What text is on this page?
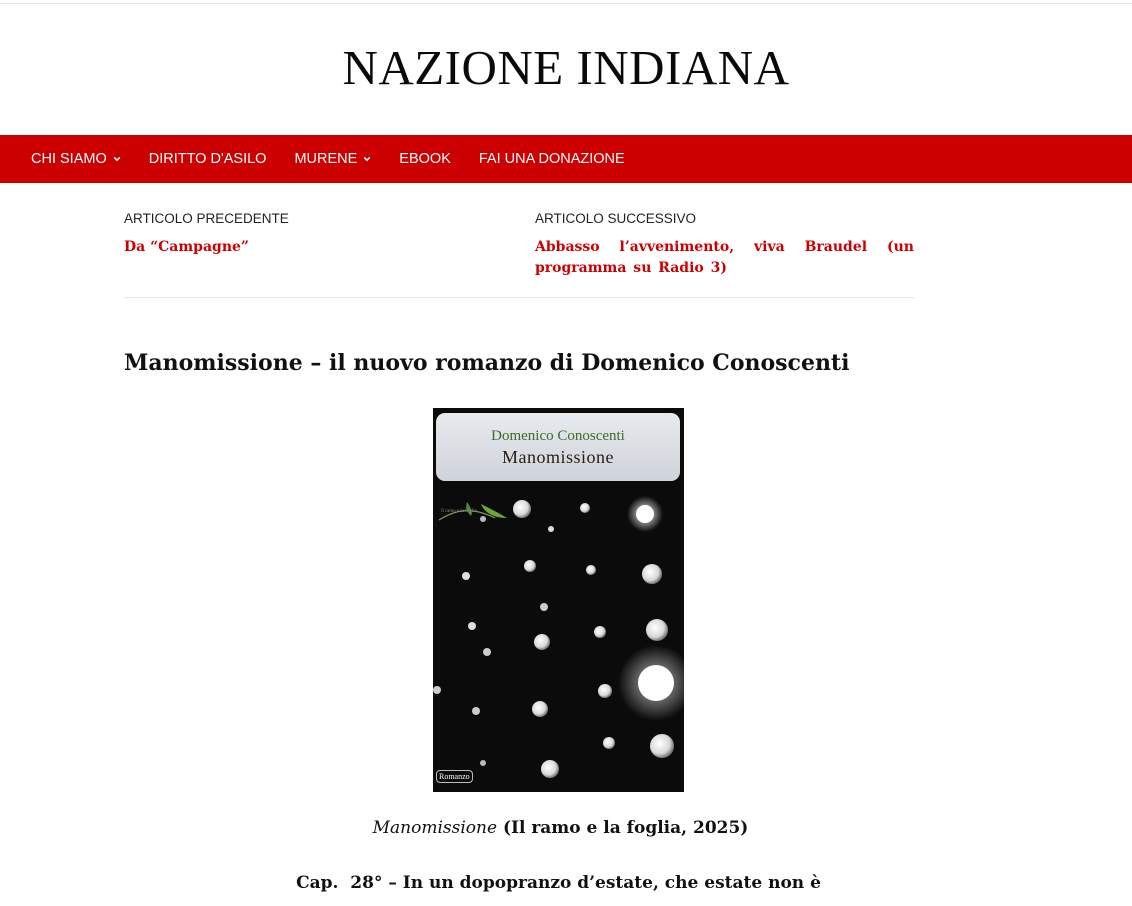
NAZIONE INDIANA
CHI SIAMO	DIRITTO D'ASILO MURENE	EBOOK FAI UNA DONAZIONE
ARTICOLO PRECEDENTE
Da “Campagne”
ARTICOLO SUCCESSIVO
Abbasso l’avvenimento, viva Braudel (un programma su Radio 3)
Manomissione – il nuovo romanzo di Domenico Conoscenti
Domenico Conoscenti
Manomissione
Il ramo e la foglia
Romanzo
Manomissione (Il ramo e la foglia, 2025)
Cap.  28° – In un dopopranzo d’estate, che estate non è
